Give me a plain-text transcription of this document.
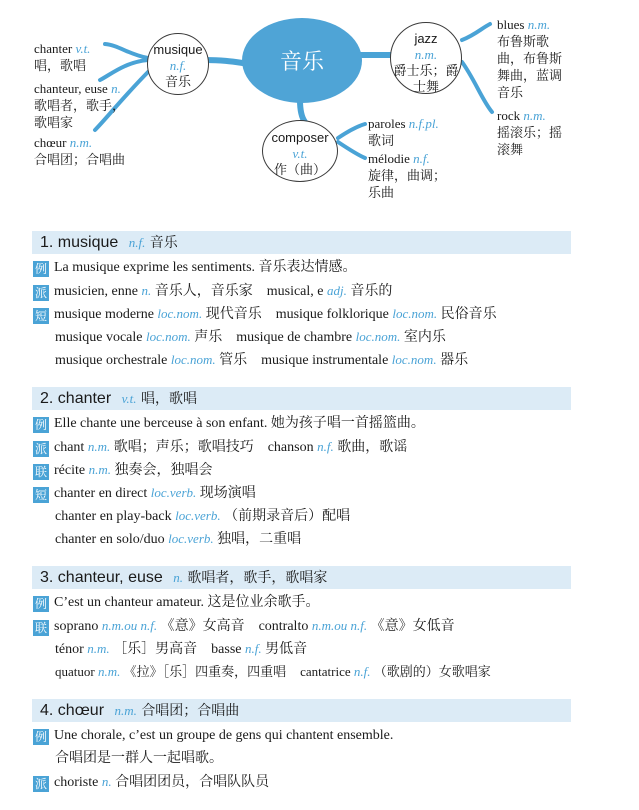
音乐
musique
n.f.
音乐
composer
v.t.
作（曲）
jazz
n.m.
爵士乐；爵
士舞
chanter v.t.
唱，歌唱
chanteur, euse n.
歌唱者，歌手，
歌唱家
chœur n.m.
合唱团；合唱曲
paroles n.f.pl.
歌词
mélodie n.f.
旋律，曲调；
乐曲
blues n.m.
布鲁斯歌
曲，布鲁斯
舞曲，蓝调
音乐
rock n.m.
摇滚乐；摇
滚舞
1. musique n.f. 音乐
例 La musique exprime les sentiments. 音乐表达情感。
派 musicien, enne n. 音乐人，音乐家 musical, e adj. 音乐的
短 musique moderne loc.nom. 现代音乐 musique folklorique loc.nom. 民俗音乐
musique vocale loc.nom. 声乐 musique de chambre loc.nom. 室内乐
musique orchestrale loc.nom. 管乐 musique instrumentale loc.nom. 器乐
2. chanter v.t. 唱，歌唱
例 Elle chante une berceuse à son enfant. 她为孩子唱一首摇篮曲。
派 chant n.m. 歌唱；声乐；歌唱技巧 chanson n.f. 歌曲，歌谣
联 récite n.m. 独奏会，独唱会
短 chanter en direct loc.verb. 现场演唱
chanter en play-back loc.verb. （前期录音后）配唱
chanter en solo/duo loc.verb. 独唱，二重唱
3. chanteur, euse n. 歌唱者，歌手，歌唱家
例 C’est un chanteur amateur. 这是位业余歌手。
联 soprano n.m.ou n.f. 《意》女高音 contralto n.m.ou n.f. 《意》女低音
ténor n.m. ［乐］男高音 basse n.f. 男低音
quatuor n.m. 《拉》［乐］四重奏，四重唱 cantatrice n.f. （歌剧的）女歌唱家
4. chœur n.m. 合唱团；合唱曲
例 Une chorale, c’est un groupe de gens qui chantent ensemble.
合唱团是一群人一起唱歌。
派 choriste n. 合唱团团员，合唱队队员
